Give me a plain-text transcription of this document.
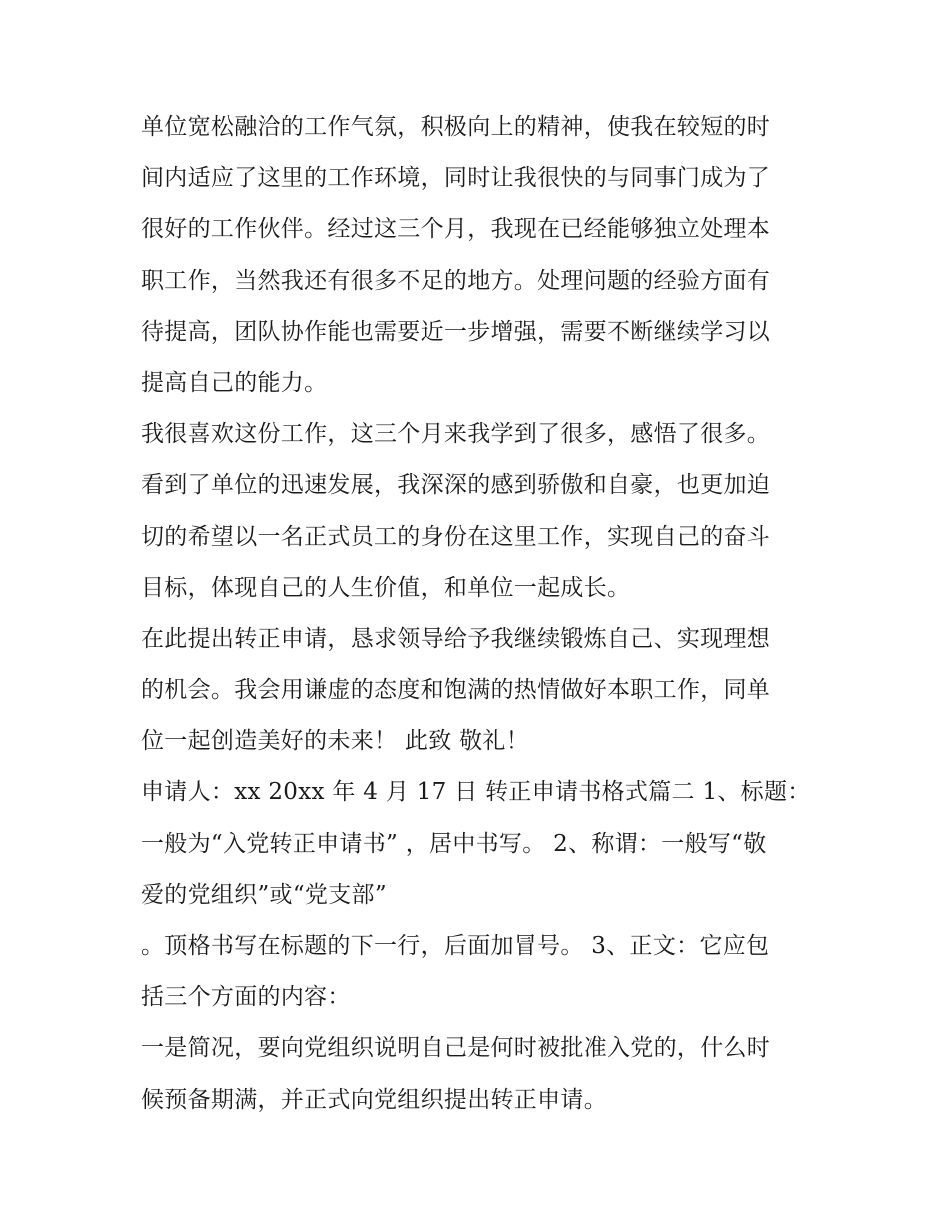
单位宽松融洽的工作气氛，积极向上的精神，使我在较短的时
间内适应了这里的工作环境，同时让我很快的与同事门成为了
很好的工作伙伴。经过这三个月，我现在已经能够独立处理本
职工作，当然我还有很多不足的地方。处理问题的经验方面有
待提高，团队协作能也需要近一步增强，需要不断继续学习以
提高自己的能力。
我很喜欢这份工作，这三个月来我学到了很多，感悟了很多。
看到了单位的迅速发展，我深深的感到骄傲和自豪，也更加迫
切的希望以一名正式员工的身份在这里工作，实现自己的奋斗
目标，体现自己的人生价值，和单位一起成长。
在此提出转正申请，恳求领导给予我继续锻炼自己、实现理想
的机会。我会用谦虚的态度和饱满的热情做好本职工作，同单
位一起创造美好的未来！ 此致 敬礼！
申请人：xx 20xx 年 4 月 17 日 转正申请书格式篇二 1、标题：
一般为“入党转正申请书” ，居中书写。 2、称谓：一般写“敬
爱的党组织”或“党支部”
。顶格书写在标题的下一行，后面加冒号。 3、正文：它应包
括三个方面的内容：
一是简况，要向党组织说明自己是何时被批准入党的，什么时
候预备期满，并正式向党组织提出转正申请。
